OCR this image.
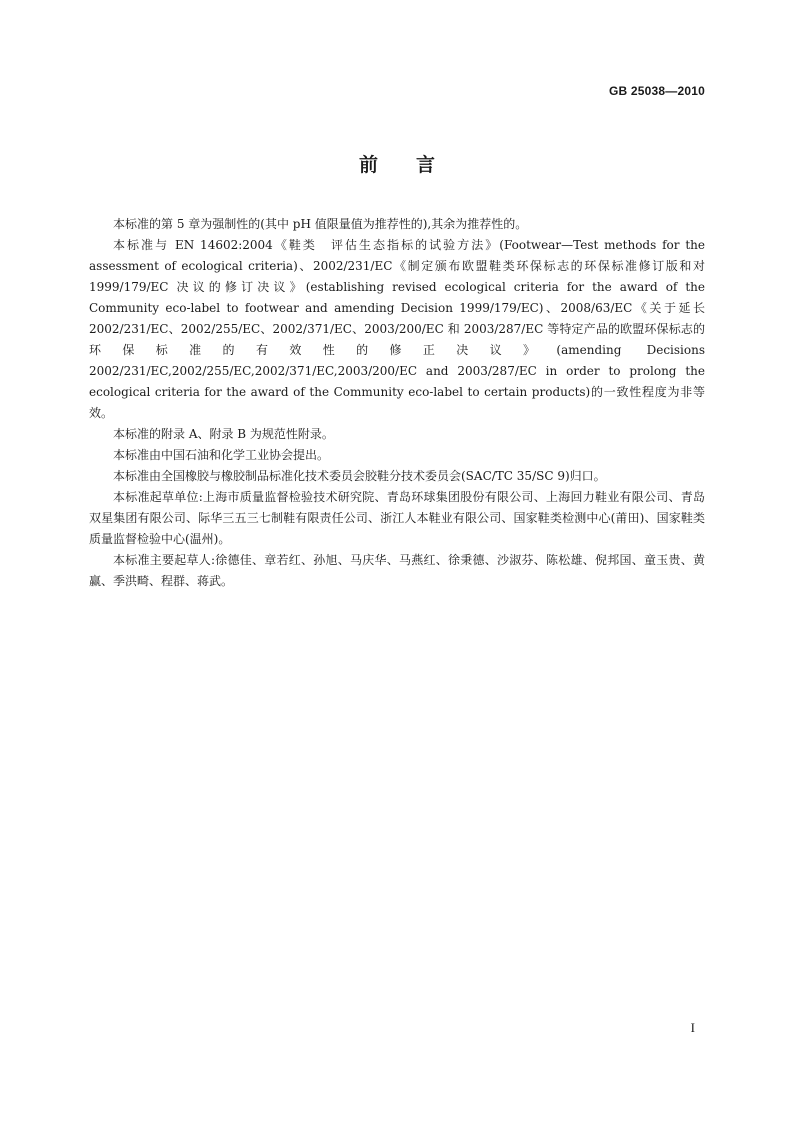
GB 25038—2010
前言

本标准的第 5 章为强制性的(其中 pH 值限量值为推荐性的),其余为推荐性的。

本标准与 EN 14602:2004《鞋类　评估生态指标的试验方法》(Footwear—Test methods for the assessment of ecological criteria)、2002/231/EC《制定颁布欧盟鞋类环保标志的环保标准修订版和对 1999/179/EC 决议的修订决议》(establishing revised ecological criteria for the award of the Community eco-label to footwear and amending Decision 1999/179/EC)、2008/63/EC《关于延长 2002/231/EC、2002/255/EC、2002/371/EC、2003/200/EC 和 2003/287/EC 等特定产品的欧盟环保标志的环保标准的有效性的修正决议》(amending Decisions 2002/231/EC,2002/255/EC,2002/371/EC,2003/200/EC and 2003/287/EC in order to prolong the ecological criteria for the award of the Community eco-label to certain products)的一致性程度为非等效。

本标准的附录 A、附录 B 为规范性附录。

本标准由中国石油和化学工业协会提出。

本标准由全国橡胶与橡胶制品标准化技术委员会胶鞋分技术委员会(SAC/TC 35/SC 9)归口。

本标准起草单位:上海市质量监督检验技术研究院、青岛环球集团股份有限公司、上海回力鞋业有限公司、青岛双星集团有限公司、际华三五三七制鞋有限责任公司、浙江人本鞋业有限公司、国家鞋类检测中心(莆田)、国家鞋类质量监督检验中心(温州)。

本标准主要起草人:徐德佳、章若红、孙旭、马庆华、马燕红、徐秉德、沙淑芬、陈松雄、倪邦国、童玉贵、黄赢、季洪畸、程群、蒋武。

I
